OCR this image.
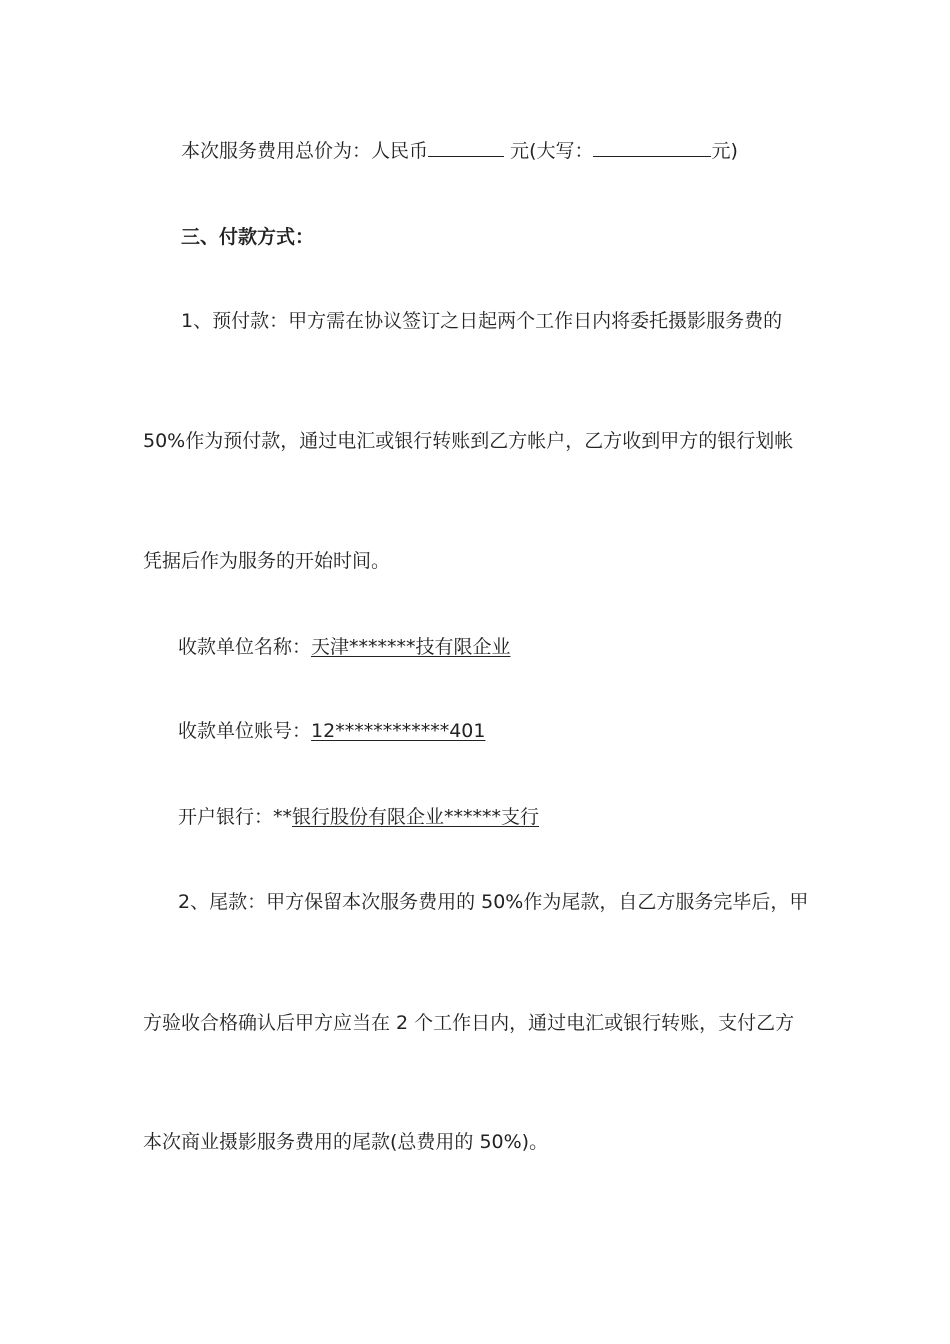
本次服务费用总价为：人民币	元(大写：	元)
三、付款方式：
1、预付款：甲方需在协议签订之日起两个工作日内将委托摄影服务费的
50%作为预付款，通过电汇或银行转账到乙方帐户，乙方收到甲方的银行划帐
凭据后作为服务的开始时间。
收款单位名称：天津*******技有限企业
收款单位账号：12************401
开户银行：**银行股份有限企业******支行
2、尾款：甲方保留本次服务费用的 50%作为尾款，自乙方服务完毕后，甲
方验收合格确认后甲方应当在 2 个工作日内，通过电汇或银行转账，支付乙方
本次商业摄影服务费用的尾款(总费用的 50%)。
